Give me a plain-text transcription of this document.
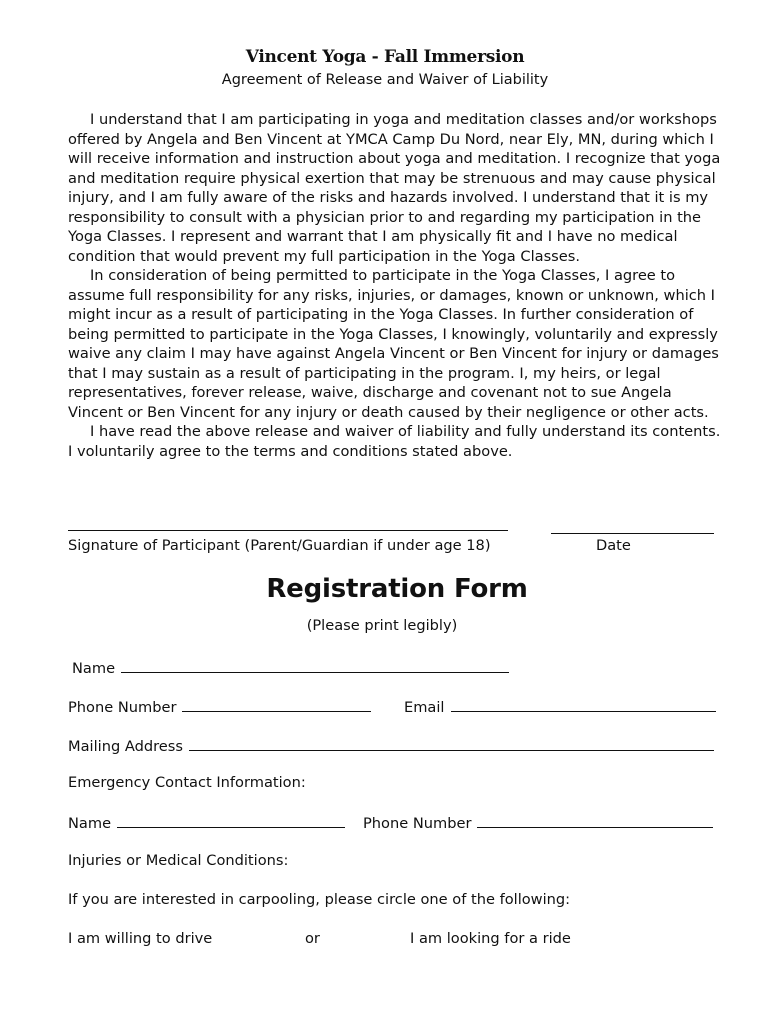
Vincent Yoga - Fall Immersion
Agreement of Release and Waiver of Liability

I understand that I am participating in yoga and meditation classes and/or workshops offered by Angela and Ben Vincent at YMCA Camp Du Nord, near Ely, MN, during which I will receive information and instruction about yoga and meditation. I recognize that yoga and meditation require physical exertion that may be strenuous and may cause physical injury, and I am fully aware of the risks and hazards involved. I understand that it is my responsibility to consult with a physician prior to and regarding my participation in the Yoga Classes. I represent and warrant that I am physically fit and I have no medical condition that would prevent my full participation in the Yoga Classes.

In consideration of being permitted to participate in the Yoga Classes, I agree to assume full responsibility for any risks, injuries, or damages, known or unknown, which I might incur as a result of participating in the Yoga Classes. In further consideration of being permitted to participate in the Yoga Classes, I knowingly, voluntarily and expressly waive any claim I may have against Angela Vincent or Ben Vincent for injury or damages that I may sustain as a result of participating in the program. I, my heirs, or legal representatives, forever release, waive, discharge and covenant not to sue Angela Vincent or Ben Vincent for any injury or death caused by their negligence or other acts.

I have read the above release and waiver of liability and fully understand its contents. I voluntarily agree to the terms and conditions stated above.

Signature of Participant (Parent/Guardian if under age 18)	Date
Registration Form
(Please print legibly)
Name
Phone Number	Email
Mailing Address
Emergency Contact Information:
Name	Phone Number
Injuries or Medical Conditions:
If you are interested in carpooling, please circle one of the following:
I am willing to drive	or	I am looking for a ride
